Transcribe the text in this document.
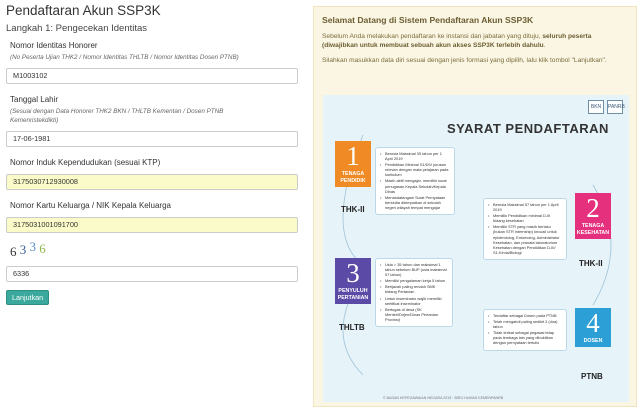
Pendaftaran Akun SSP3K
Langkah 1: Pengecekan Identitas
Nomor Identitas Honorer
(No Peserta Ujian THK2 / Nomor Identitas THLTB / Nomor Identitas Dosen PTNB)
M1003102
Tanggal Lahir
(Sesuai dengan Data Honorer THK2 BKN / THLTB Kementan / Dosen PTNB Kemenristekdikti)
17-06-1981
Nomor Induk Kependudukan (sesuai KTP)
3175030712930008
Nomor Kartu Keluarga / NIK Kepala Keluarga
3175031001091700
6 3 3 6
6336
Lanjutkan
Selamat Datang di Sistem Pendaftaran Akun SSP3K
Sebelum Anda melakukan pendaftaran ke instansi dan jabatan yang dituju, seluruh peserta (diwajibkan untuk membuat sebuah akun akses SSP3K terlebih dahulu.
Silahkan masukkan data diri sesuai dengan jenis formasi yang dipilih, lalu klik tombol "Lanjutkan".
BKN	PANRB
SYARAT PENDAFTARAN
1
TENAGA PENDIDIK
THK-II
• Berusia Maksimal 35 tahun per 1 April 2019
• Pendidikan Minimal S1/DIV jurusan relevan dengan mata pelajaran pada kurikulum
• Masih aktif mengajar, memiliki surat penugasan Kepala Sekolah/Kepala Dinas
• Menandatangani Surat Pernyataan bersedia ditempatkan di sekolah negeri wilayah tempat mengajar
• Berusia Maksimal 57 tahun per 1 April 2019
• Memiliki Pendidikan minimal D-III bidang kesehatan
• Memiliki STR yang masih berlaku (bukan STR internship) kecuali untuk epidemiolog, Entomolog, Administrator Kesehatan, dan pranata laboratorium Kesehatan dengan Pendidikan D-III/ S1-Kimia/Biologi
2
TENAGA KESEHATAN
THK-II
3
PENYULUH PERTANIAN
THLTB
• Usia > 35 tahun dan maksimal 1 tahun sebelum BUP (usia maksimal 57 tahun)
• Memiliki pengalaman kerja 5 tahun
• Berijazah paling rendah SMK bidang Pertanian
• Untuk inseminator wajib memiliki sertifikat inseminator
• Bertugas di desa (SK Menteri/Dirjen/Dinas Pertanian Provinsi)
• Terdaftar sebagai Dosen pada PTNB
• Telah mengabdi paling sedikit 2 (dua) tahun
• Tidak terikat sebagai pegawai tetap pada lembaga lain yang dibuktikan dengan pernyataan tertulis
4
DOSEN
PTNB
© BADAN KEPEGAWAIAN NEGARA 2019 · BIRO HUMAS KEMENPANRB
